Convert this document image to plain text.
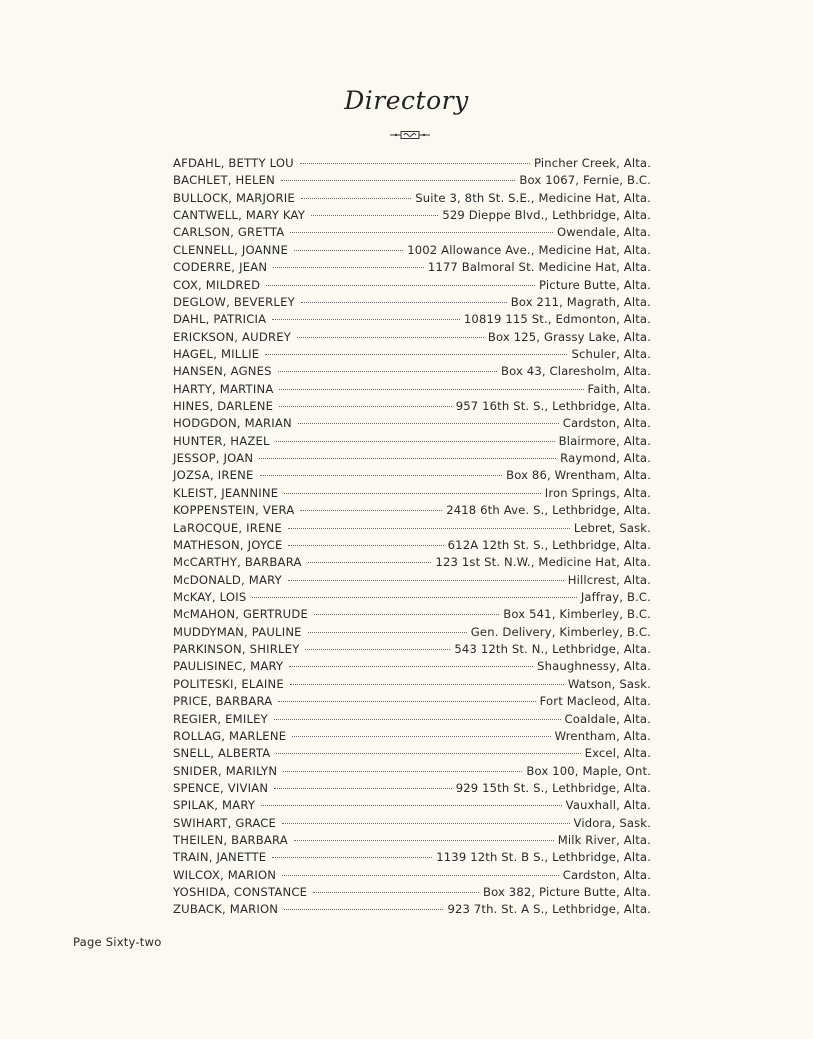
Directory
AFDAHL, BETTY LOU	Pincher Creek, Alta.
BACHLET, HELEN	Box 1067, Fernie, B.C.
BULLOCK, MARJORIE	Suite 3, 8th St. S.E., Medicine Hat, Alta.
CANTWELL, MARY KAY	529 Dieppe Blvd., Lethbridge, Alta.
CARLSON, GRETTA	Owendale, Alta.
CLENNELL, JOANNE	1002 Allowance Ave., Medicine Hat, Alta.
CODERRE, JEAN	1177 Balmoral St. Medicine Hat, Alta.
COX, MILDRED	Picture Butte, Alta.
DEGLOW, BEVERLEY	Box 211, Magrath, Alta.
DAHL, PATRICIA	10819 115 St., Edmonton, Alta.
ERICKSON, AUDREY	Box 125, Grassy Lake, Alta.
HAGEL, MILLIE	Schuler, Alta.
HANSEN, AGNES	Box 43, Claresholm, Alta.
HARTY, MARTINA	Faith, Alta.
HINES, DARLENE	957 16th St. S., Lethbridge, Alta.
HODGDON, MARIAN	Cardston, Alta.
HUNTER, HAZEL	Blairmore, Alta.
JESSOP, JOAN	Raymond, Alta.
JOZSA, IRENE	Box 86, Wrentham, Alta.
KLEIST, JEANNINE	Iron Springs, Alta.
KOPPENSTEIN, VERA	2418 6th Ave. S., Lethbridge, Alta.
LaROCQUE, IRENE	Lebret, Sask.
MATHESON, JOYCE	612A 12th St. S., Lethbridge, Alta.
McCARTHY, BARBARA	123 1st St. N.W., Medicine Hat, Alta.
McDONALD, MARY	Hillcrest, Alta.
McKAY, LOIS	Jaffray, B.C.
McMAHON, GERTRUDE	Box 541, Kimberley, B.C.
MUDDYMAN, PAULINE	Gen. Delivery, Kimberley, B.C.
PARKINSON, SHIRLEY	543 12th St. N., Lethbridge, Alta.
PAULISINEC, MARY	Shaughnessy, Alta.
POLITESKI, ELAINE	Watson, Sask.
PRICE, BARBARA	Fort Macleod, Alta.
REGIER, EMILEY	Coaldale, Alta.
ROLLAG, MARLENE	Wrentham, Alta.
SNELL, ALBERTA	Excel, Alta.
SNIDER, MARILYN	Box 100, Maple, Ont.
SPENCE, VIVIAN	929 15th St. S., Lethbridge, Alta.
SPILAK, MARY	Vauxhall, Alta.
SWIHART, GRACE	Vidora, Sask.
THEILEN, BARBARA	Milk River, Alta.
TRAIN, JANETTE	1139 12th St. B S., Lethbridge, Alta.
WILCOX, MARION	Cardston, Alta.
YOSHIDA, CONSTANCE	Box 382, Picture Butte, Alta.
ZUBACK, MARION	923 7th. St. A S., Lethbridge, Alta.
Page Sixty-two
